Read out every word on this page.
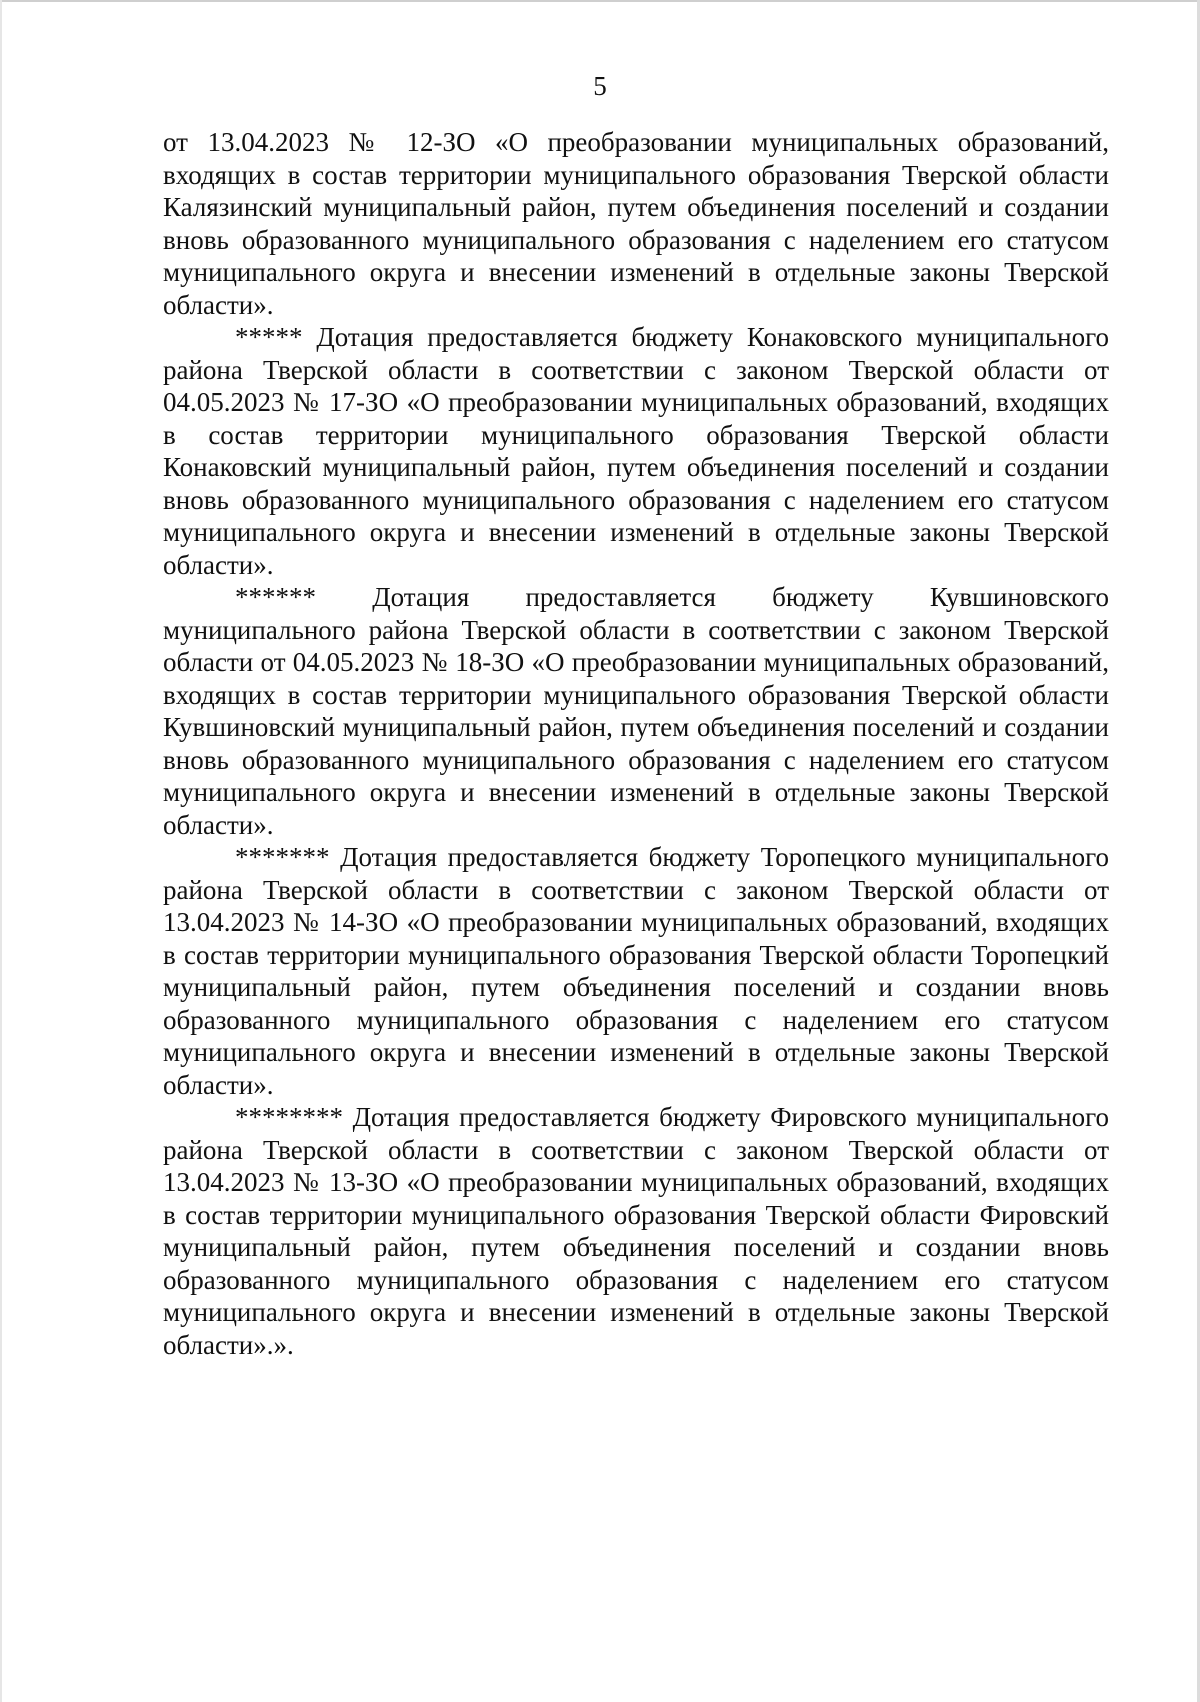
5

от 13.04.2023 № 12-ЗО «О преобразовании муниципальных образований, входящих в состав территории муниципального образования Тверской области Калязинский муниципальный район, путем объединения поселений и создании вновь образованного муниципального образования с наделением его статусом муниципального округа и внесении изменений в отдельные законы Тверской области».

***** Дотация предоставляется бюджету Конаковского муниципального района Тверской области в соответствии с законом Тверской области от 04.05.2023 № 17-ЗО «О преобразовании муниципальных образований, входящих в состав территории муниципального образования Тверской области Конаковский муниципальный район, путем объединения поселений и создании вновь образованного муниципального образования с наделением его статусом муниципального округа и внесении изменений в отдельные законы Тверской области».

****** Дотация предоставляется бюджету Кувшиновского муниципального района Тверской области в соответствии с законом Тверской области от 04.05.2023 № 18-ЗО «О преобразовании муниципальных образований, входящих в состав территории муниципального образования Тверской области Кувшиновский муниципальный район, путем объединения поселений и создании вновь образованного муниципального образования с наделением его статусом муниципального округа и внесении изменений в отдельные законы Тверской области».

******* Дотация предоставляется бюджету Торопецкого муниципального района Тверской области в соответствии с законом Тверской области от 13.04.2023 № 14-ЗО «О преобразовании муниципальных образований, входящих в состав территории муниципального образования Тверской области Торопецкий муниципальный район, путем объединения поселений и создании вновь образованного муниципального образования с наделением его статусом муниципального округа и внесении изменений в отдельные законы Тверской области».

******** Дотация предоставляется бюджету Фировского муниципального района Тверской области в соответствии с законом Тверской области от 13.04.2023 № 13-ЗО «О преобразовании муниципальных образований, входящих в состав территории муниципального образования Тверской области Фировский муниципальный район, путем объединения поселений и создании вновь образованного муниципального образования с наделением его статусом муниципального округа и внесении изменений в отдельные законы Тверской области».».
